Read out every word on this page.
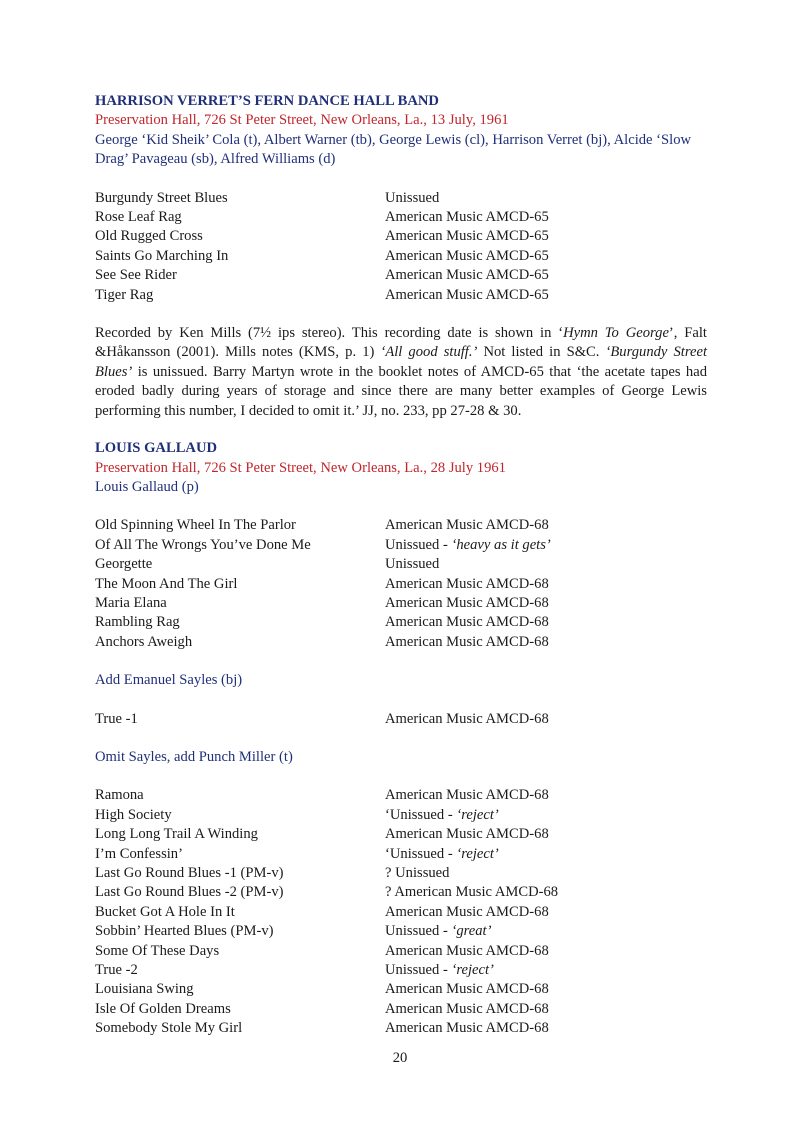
HARRISON VERRET’S FERN DANCE HALL BAND
Preservation Hall, 726 St Peter Street, New Orleans, La., 13 July, 1961
George ‘Kid Sheik’ Cola (t), Albert Warner (tb), George Lewis (cl), Harrison Verret (bj), Alcide ‘Slow Drag’ Pavageau (sb), Alfred Williams (d)
Burgundy Street Blues	Unissued
Rose Leaf Rag	American Music AMCD-65
Old Rugged Cross	American Music AMCD-65
Saints Go Marching In	American Music AMCD-65
See See Rider	American Music AMCD-65
Tiger Rag	American Music AMCD-65

Recorded by Ken Mills (7½ ips stereo). This recording date is shown in ‘Hymn To George’, Falt &Håkansson (2001). Mills notes (KMS, p. 1) ‘All good stuff.’ Not listed in S&C. ‘Burgundy Street Blues’ is unissued. Barry Martyn wrote in the booklet notes of AMCD-65 that ‘the acetate tapes had eroded badly during years of storage and since there are many better examples of George Lewis performing this number, I decided to omit it.’ JJ, no. 233, pp 27-28 & 30.

LOUIS GALLAUD
Preservation Hall, 726 St Peter Street, New Orleans, La., 28 July 1961
Louis Gallaud (p)
Old Spinning Wheel In The Parlor	American Music AMCD-68
Of All The Wrongs You’ve Done Me	Unissued - ‘heavy as it gets’
Georgette	Unissued
The Moon And The Girl	American Music AMCD-68
Maria Elana	American Music AMCD-68
Rambling Rag	American Music AMCD-68
Anchors Aweigh	American Music AMCD-68
Add Emanuel Sayles (bj)
True -1	American Music AMCD-68
Omit Sayles, add Punch Miller (t)
Ramona	American Music AMCD-68
High Society	‘Unissued - ‘reject’
Long Long Trail A Winding	American Music AMCD-68
I’m Confessin’	‘Unissued - ‘reject’
Last Go Round Blues -1 (PM-v)	? Unissued
Last Go Round Blues -2 (PM-v)	? American Music AMCD-68
Bucket Got A Hole In It	American Music AMCD-68
Sobbin’ Hearted Blues (PM-v)	Unissued - ‘great’
Some Of These Days	American Music AMCD-68
True -2	Unissued - ‘reject’
Louisiana Swing	American Music AMCD-68
Isle Of Golden Dreams	American Music AMCD-68
Somebody Stole My Girl	American Music AMCD-68
20
